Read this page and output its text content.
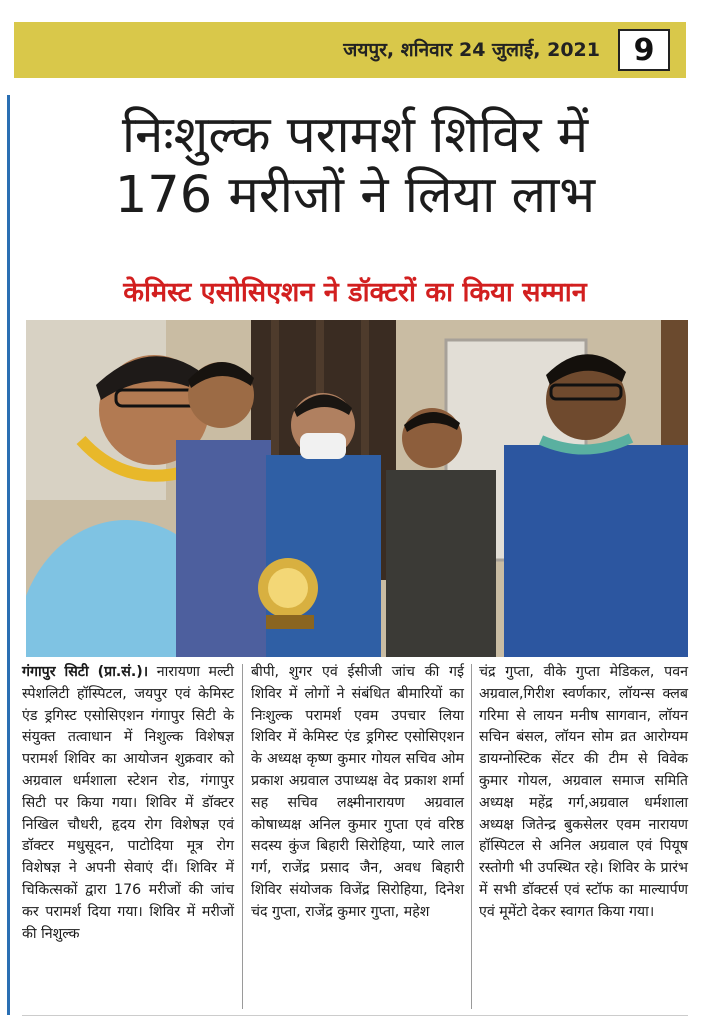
जयपुर, शनिवार 24 जुलाई, 2021	9
निःशुल्क परामर्श शिविर में
176 मरीजों ने लिया लाभ
केमिस्ट एसोसिएशन ने डॉक्टरों का किया सम्मान
गंगापुर सिटी (प्रा.सं.)। नारायणा मल्टी स्पेशलिटी हॉस्पिटल, जयपुर एवं केमिस्ट एंड ड्रगिस्ट एसोसिएशन गंगापुर सिटी के संयुक्त तत्वाधान में निशुल्क विशेषज्ञ परामर्श शिविर का आयोजन शुक्रवार को अग्रवाल धर्मशाला स्टेशन रोड, गंगापुर सिटी पर किया गया। शिविर में डॉक्टर निखिल चौधरी, हृदय रोग विशेषज्ञ एवं डॉक्टर मधुसूदन, पाटोदिया मूत्र रोग विशेषज्ञ ने अपनी सेवाएं दीं। शिविर में चिकित्सकों द्वारा 176 मरीजों की जांच कर परामर्श दिया गया। शिविर में मरीजों की निशुल्क
बीपी, शुगर एवं ईसीजी जांच की गई शिविर में लोगों ने संबंधित बीमारियों का निःशुल्क परामर्श एवम उपचार लिया शिविर में केमिस्ट एंड ड्रगिस्ट एसोसिएशन के अध्यक्ष कृष्ण कुमार गोयल सचिव ओम प्रकाश अग्रवाल उपाध्यक्ष वेद प्रकाश शर्मा सह सचिव लक्ष्मीनारायण अग्रवाल कोषाध्यक्ष अनिल कुमार गुप्ता एवं वरिष्ठ सदस्य कुंज बिहारी सिरोहिया, प्यारे लाल गर्ग, राजेंद्र प्रसाद जैन, अवध बिहारी शिविर संयोजक विजेंद्र सिरोहिया, दिनेश चंद गुप्ता, राजेंद्र कुमार गुप्ता, महेश
चंद्र गुप्ता, वीके गुप्ता मेडिकल, पवन अग्रवाल,गिरीश स्वर्णकार, लॉयन्स क्लब गरिमा से लायन मनीष सागवान, लॉयन सचिन बंसल, लॉयन सोम व्रत आरोग्यम डायग्नोस्टिक सेंटर की टीम से विवेक कुमार गोयल, अग्रवाल समाज समिति अध्यक्ष महेंद्र गर्ग,अग्रवाल धर्मशाला अध्यक्ष जितेन्द्र बुकसेलर एवम नारायण हॉस्पिटल से अनिल अग्रवाल एवं पियूष रस्तोगी भी उपस्थित रहे। शिविर के प्रारंभ में सभी डॉक्टर्स एवं स्टॉफ का माल्यार्पण एवं मूमेंटो देकर स्वागत किया गया।
